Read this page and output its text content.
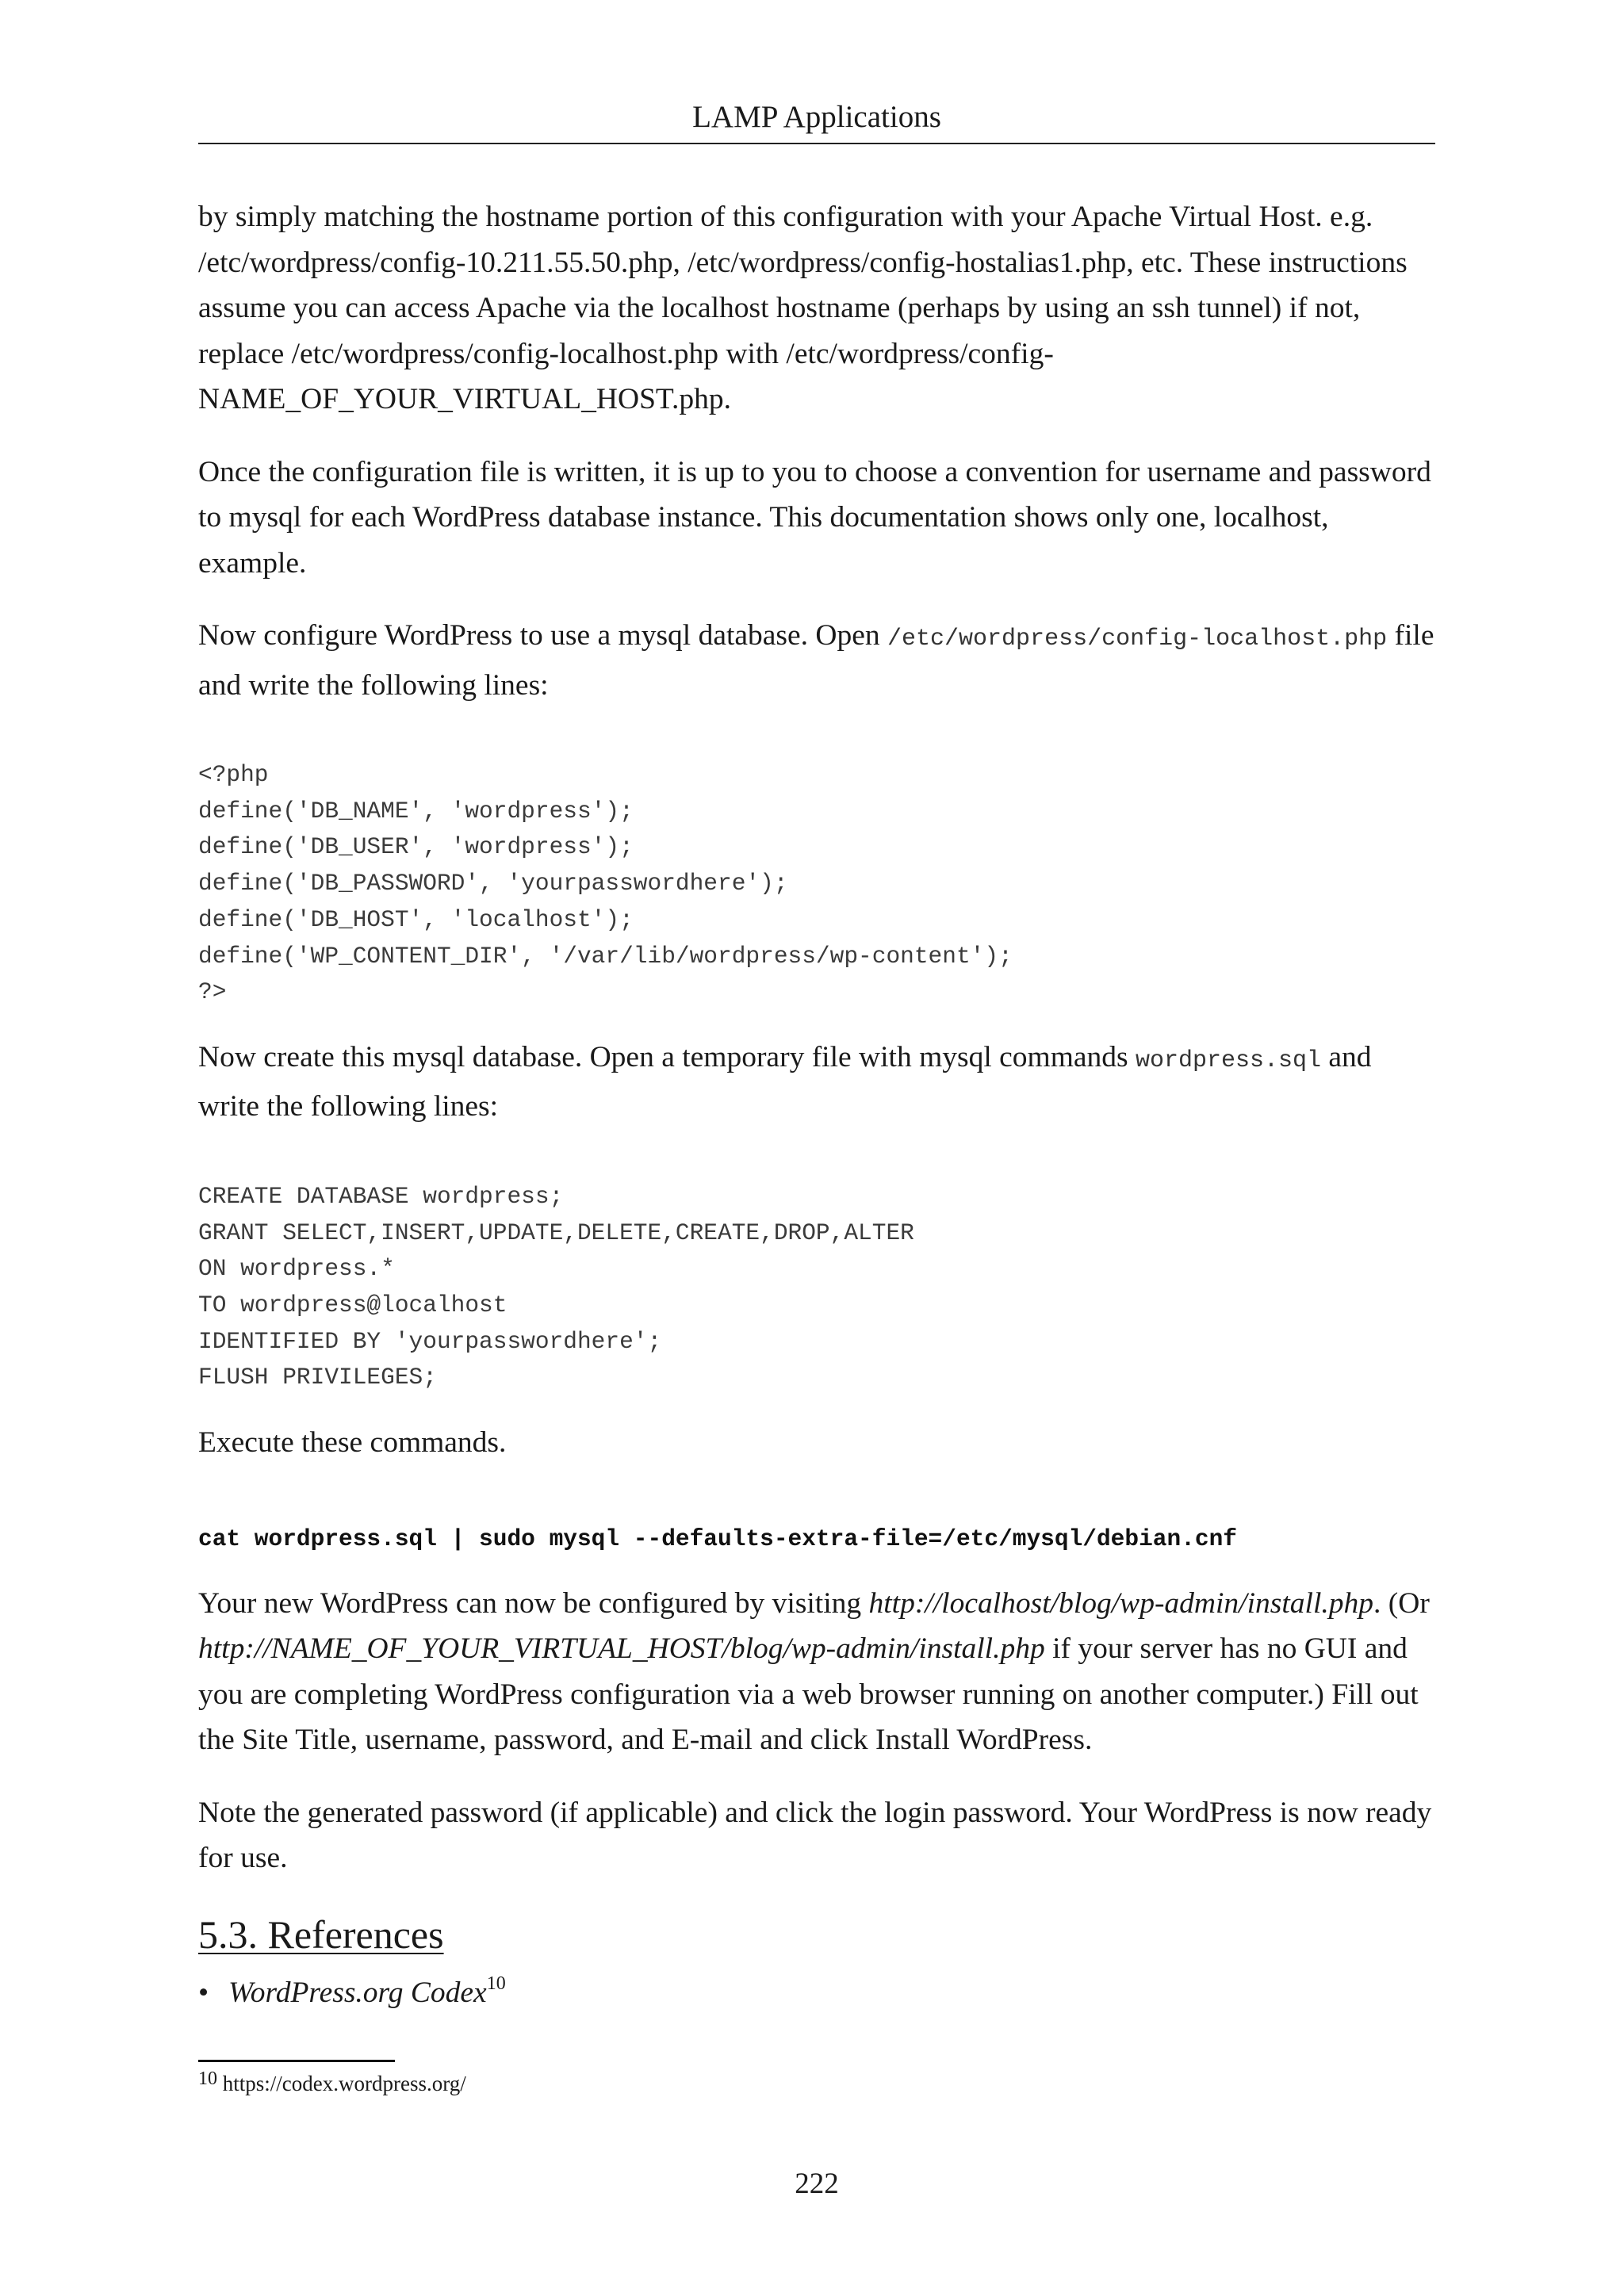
LAMP Applications

by simply matching the hostname portion of this configuration with your Apache Virtual Host. e.g. /etc/wordpress/config-10.211.55.50.php, /etc/wordpress/config-hostalias1.php, etc. These instructions assume you can access Apache via the localhost hostname (perhaps by using an ssh tunnel) if not, replace /etc/wordpress/config-localhost.php with /etc/wordpress/config-NAME_OF_YOUR_VIRTUAL_HOST.php.

Once the configuration file is written, it is up to you to choose a convention for username and password to mysql for each WordPress database instance. This documentation shows only one, localhost, example.

Now configure WordPress to use a mysql database. Open /etc/wordpress/config-localhost.php file and write the following lines:

<?php
define('DB_NAME', 'wordpress');
define('DB_USER', 'wordpress');
define('DB_PASSWORD', 'yourpasswordhere');
define('DB_HOST', 'localhost');
define('WP_CONTENT_DIR', '/var/lib/wordpress/wp-content');
?>

Now create this mysql database. Open a temporary file with mysql commands wordpress.sql and write the following lines:

CREATE DATABASE wordpress;
GRANT SELECT,INSERT,UPDATE,DELETE,CREATE,DROP,ALTER
ON wordpress.*
TO wordpress@localhost
IDENTIFIED BY 'yourpasswordhere';
FLUSH PRIVILEGES;

Execute these commands.

cat wordpress.sql | sudo mysql --defaults-extra-file=/etc/mysql/debian.cnf

Your new WordPress can now be configured by visiting http://localhost/blog/wp-admin/install.php. (Or http://NAME_OF_YOUR_VIRTUAL_HOST/blog/wp-admin/install.php if your server has no GUI and you are completing WordPress configuration via a web browser running on another computer.) Fill out the Site Title, username, password, and E-mail and click Install WordPress.

Note the generated password (if applicable) and click the login password. Your WordPress is now ready for use.

5.3. References
• WordPress.org Codex$^{10}$
$^{10}$ https://codex.wordpress.org/
222
